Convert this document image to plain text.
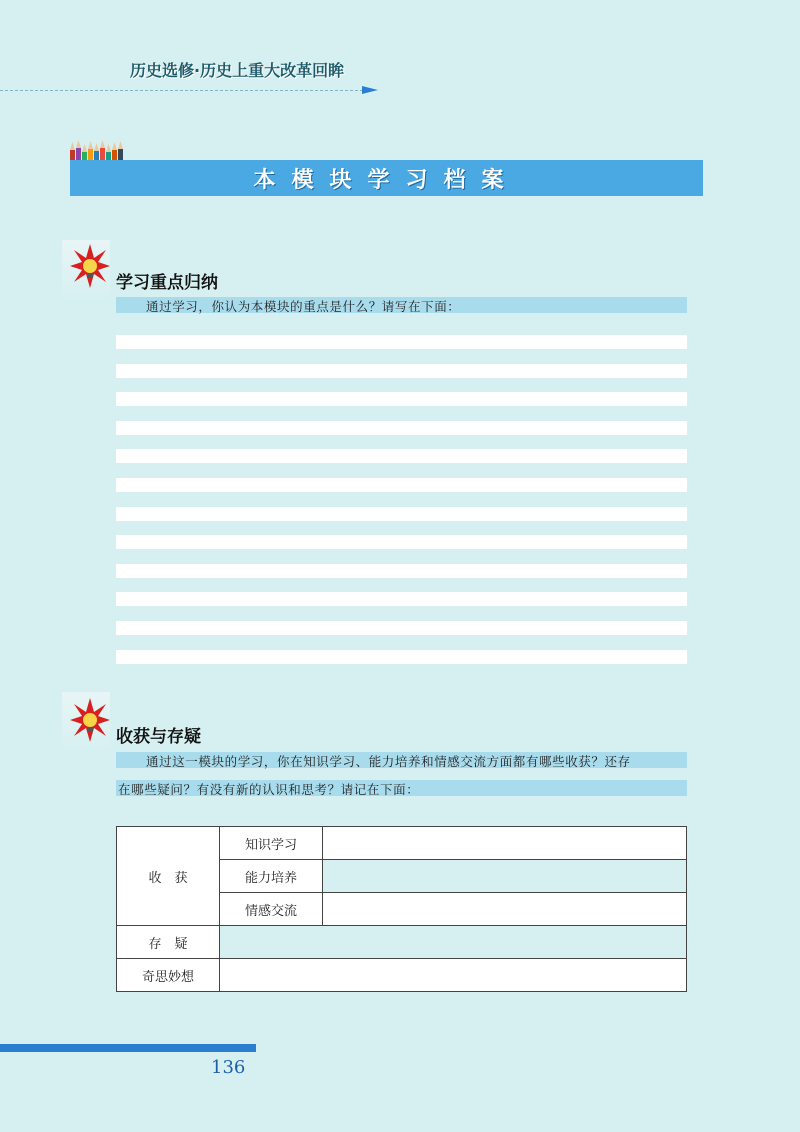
历史选修·历史上重大改革回眸
本模块学习档案
学习重点归纳
通过学习，你认为本模块的重点是什么？请写在下面：
收获与存疑
通过这一模块的学习，你在知识学习、能力培养和情感交流方面都有哪些收获？还存
在哪些疑问？有没有新的认识和思考？请记在下面：
收　获	知识学习	
	能力培养	
	情感交流	
存　疑		
奇思妙想		
136
